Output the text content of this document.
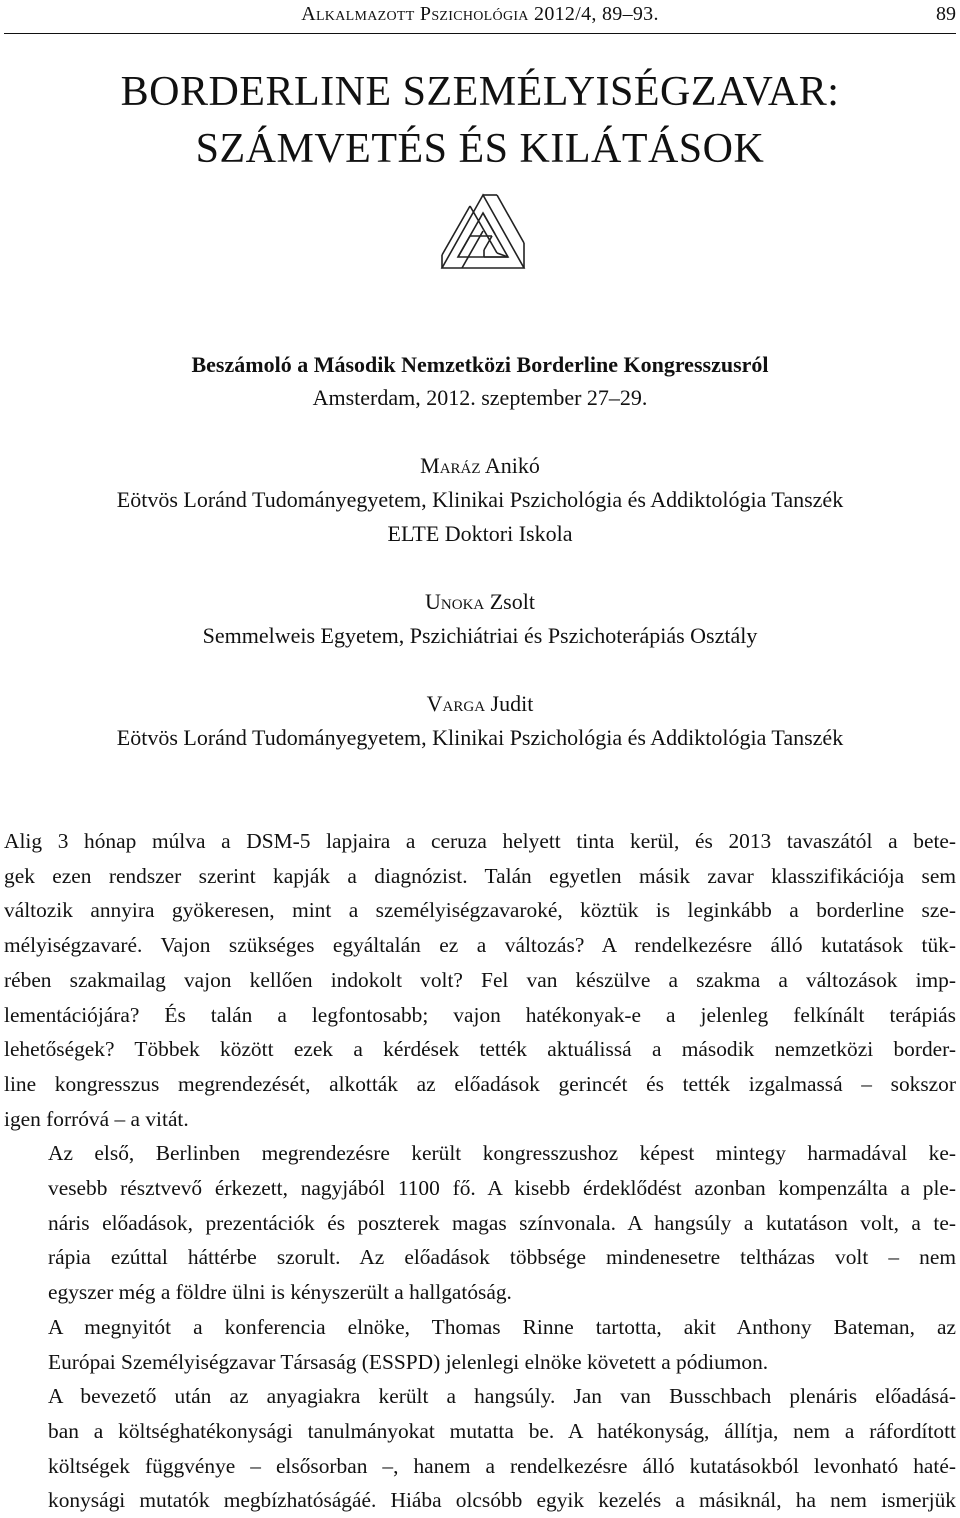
Alkalmazott Pszichológia 2012/4, 89–93.	89
BORDERLINE SZEMÉLYISÉGZAVAR:
SZÁMVETÉS ÉS KILÁTÁSOK
Beszámoló a Második Nemzetközi Borderline Kongresszusról
Amsterdam, 2012. szeptember 27–29.
Maráz Anikó
Eötvös Loránd Tudományegyetem, Klinikai Pszichológia és Addiktológia Tanszék
ELTE Doktori Iskola
Unoka Zsolt
Semmelweis Egyetem, Pszichiátriai és Pszichoterápiás Osztály
Varga Judit
Eötvös Loránd Tudományegyetem, Klinikai Pszichológia és Addiktológia Tanszék

Alig 3 hónap múlva a DSM-5 lapjaira a ceruza helyett tinta kerül, és 2013 tavaszától a bete-
gek ezen rendszer szerint kapják a diagnózist. Talán egyetlen másik zavar klasszifikációja sem
változik annyira gyökeresen, mint a személyiségzavaroké, köztük is leginkább a borderline sze-
mélyiségzavaré. Vajon szükséges egyáltalán ez a változás? A rendelkezésre álló kutatások tük-
rében szakmailag vajon kellően indokolt volt? Fel van készülve a szakma a változások imp-
lementációjára? És talán a legfontosabb; vajon hatékonyak-e a jelenleg felkínált terápiás
lehetőségek? Többek között ezek a kérdések tették aktuálissá a második nemzetközi border-
line kongresszus megrendezését, alkották az előadások gerincét és tették izgalmassá – sokszor
igen forróvá – a vitát.

Az első, Berlinben megrendezésre került kongresszushoz képest mintegy harmadával ke-
vesebb résztvevő érkezett, nagyjából 1100 fő. A kisebb érdeklődést azonban kompenzálta a ple-
náris előadások, prezentációk és poszterek magas színvonala. A hangsúly a kutatáson volt, a te-
rápia ezúttal háttérbe szorult. Az előadások többsége mindenesetre teltházas volt – nem
egyszer még a földre ülni is kényszerült a hallgatóság.

A megnyitót a konferencia elnöke, Thomas Rinne tartotta, akit Anthony Bateman, az
Európai Személyiségzavar Társaság (ESSPD) jelenlegi elnöke követett a pódiumon.

A bevezető után az anyagiakra került a hangsúly. Jan van Busschbach plenáris előadásá-
ban a költséghatékonysági tanulmányokat mutatta be. A hatékonyság, állítja, nem a ráfordított
költségek függvénye – elsősorban –, hanem a rendelkezésre álló kutatásokból levonható haté-
konysági mutatók megbízhatóságáé. Hiába olcsóbb egyik kezelés a másiknál, ha nem ismerjük
